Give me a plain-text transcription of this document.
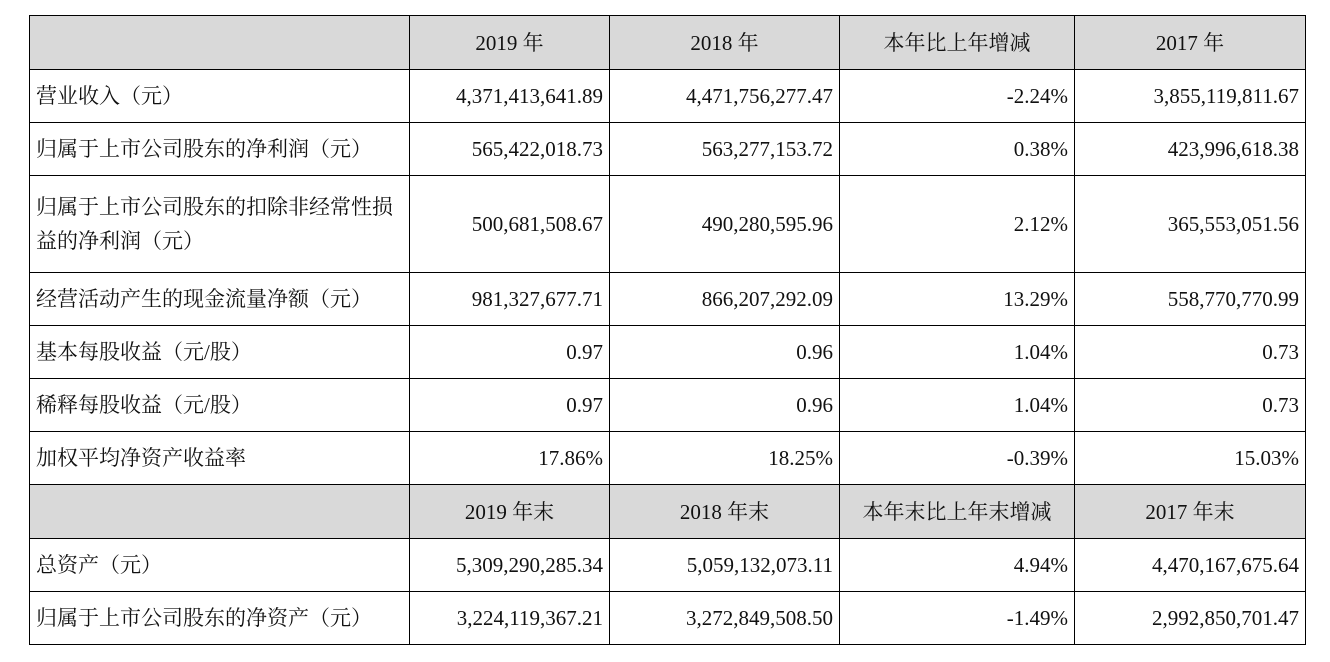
	2019 年	2018 年	本年比上年增减	2017 年
营业收入（元）	4,371,413,641.89	4,471,756,277.47	-2.24%	3,855,119,811.67
归属于上市公司股东的净利润（元）	565,422,018.73	563,277,153.72	0.38%	423,996,618.38
归属于上市公司股东的扣除非经常性损益的净利润（元）	500,681,508.67	490,280,595.96	2.12%	365,553,051.56
经营活动产生的现金流量净额（元）	981,327,677.71	866,207,292.09	13.29%	558,770,770.99
基本每股收益（元/股）	0.97	0.96	1.04%	0.73
稀释每股收益（元/股）	0.97	0.96	1.04%	0.73
加权平均净资产收益率	17.86%	18.25%	-0.39%	15.03%
	2019 年末	2018 年末	本年末比上年末增减	2017 年末
总资产（元）	5,309,290,285.34	5,059,132,073.11	4.94%	4,470,167,675.64
归属于上市公司股东的净资产（元）	3,224,119,367.21	3,272,849,508.50	-1.49%	2,992,850,701.47
